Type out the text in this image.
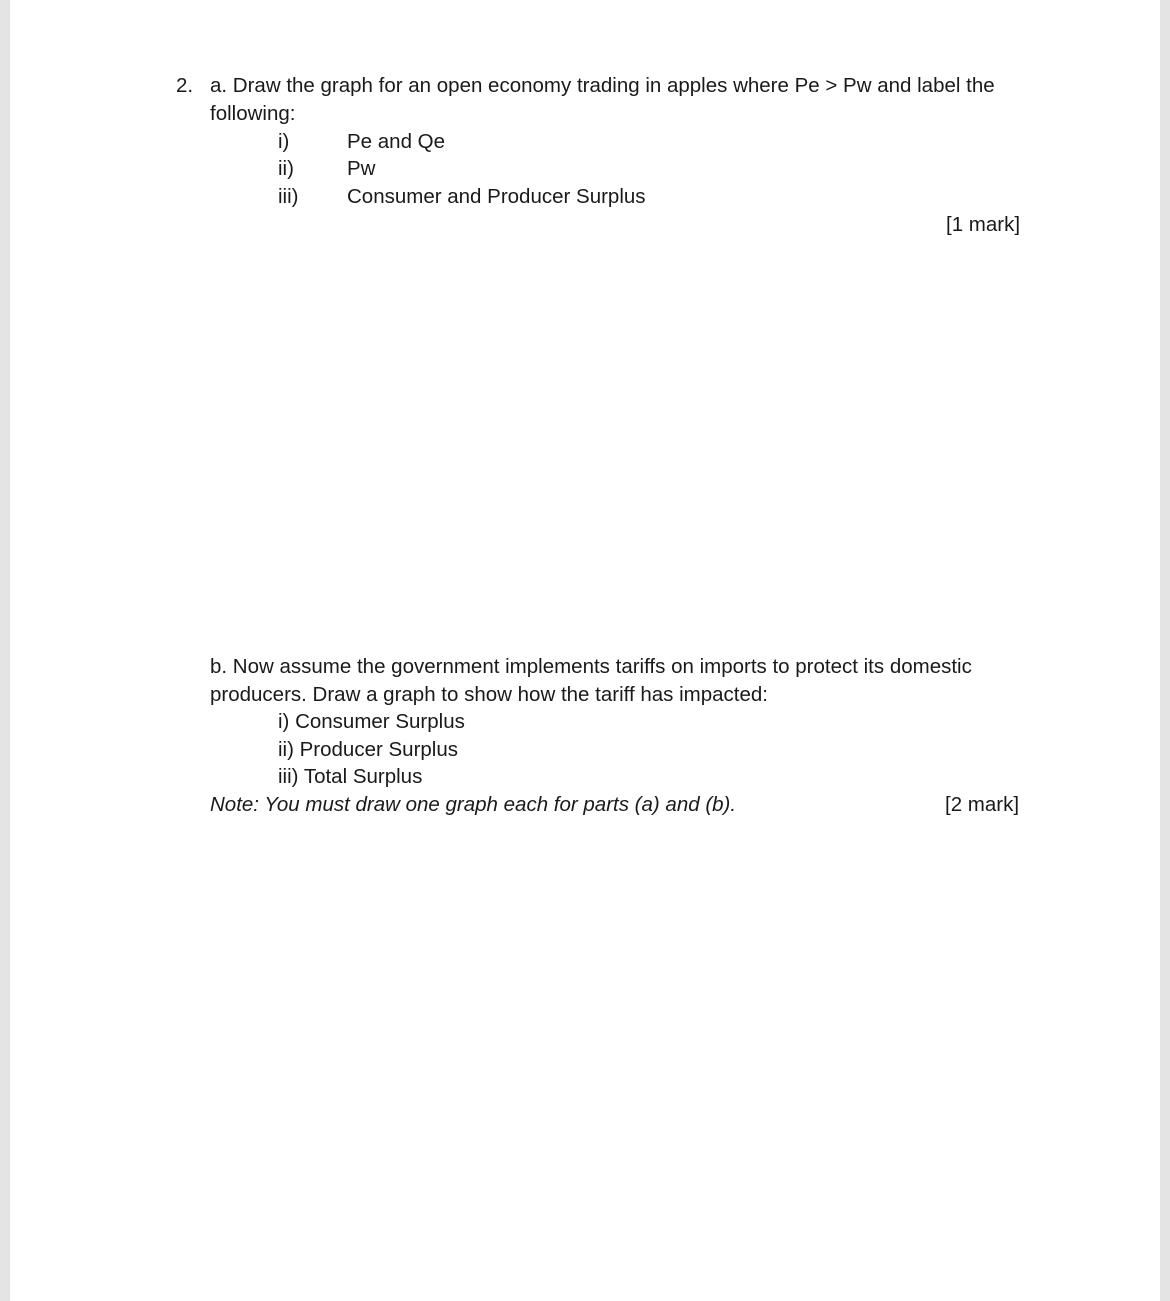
2. a. Draw the graph for an open economy trading in apples where Pe > Pw and label the
following:
i)	Pe and Qe
ii)	Pw
iii) Consumer and Producer Surplus
[1 mark]
b. Now assume the government implements tariffs on imports to protect its domestic
producers. Draw a graph to show how the tariff has impacted:
i) Consumer Surplus
ii) Producer Surplus
iii) Total Surplus
Note: You must draw one graph each for parts (a) and (b).	[2 mark]
